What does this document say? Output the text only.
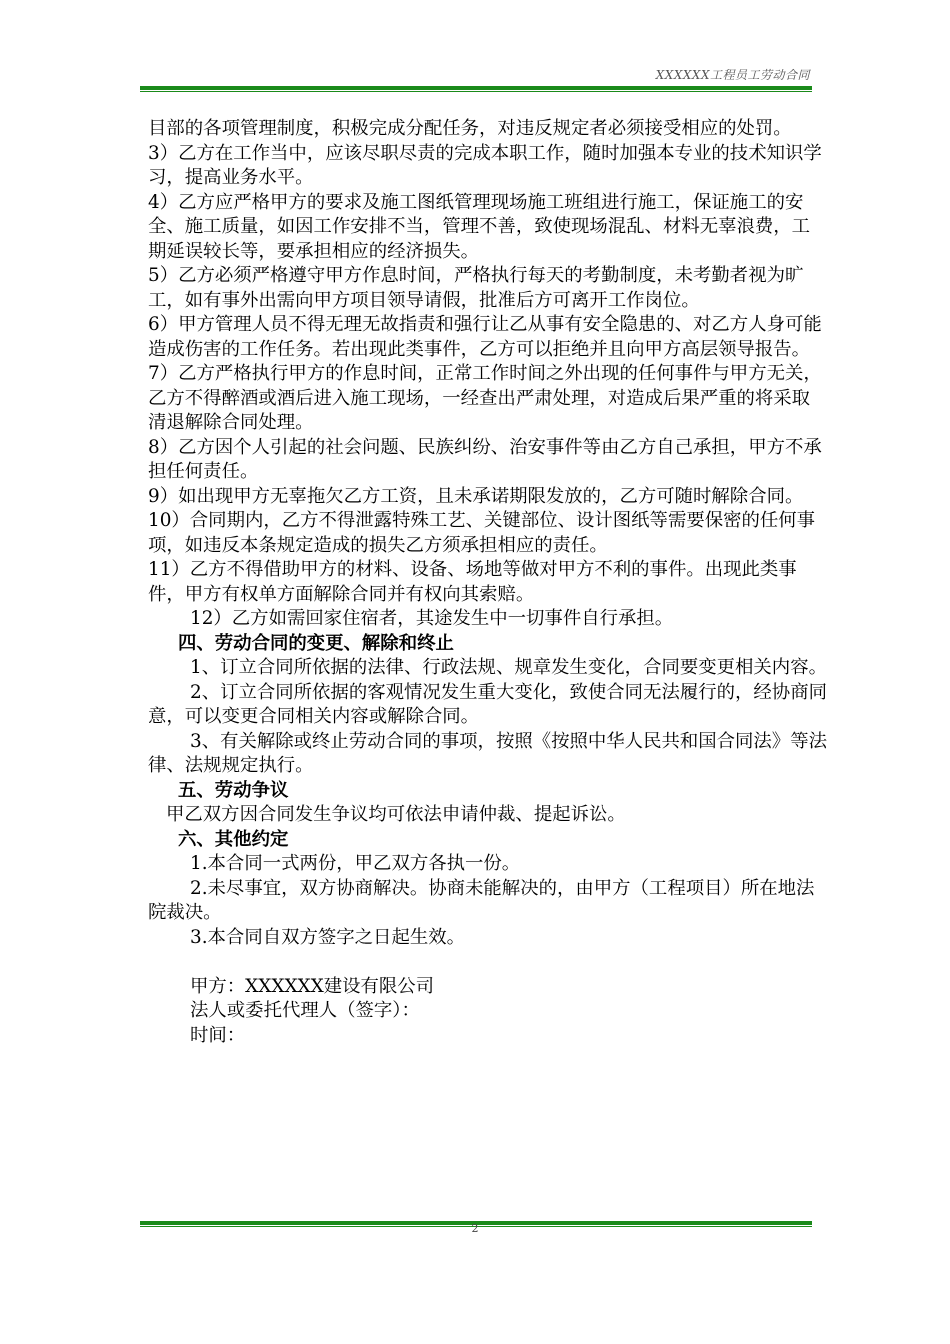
XXXXXX工程员工劳动合同

目部的各项管理制度，积极完成分配任务，对违反规定者必须接受相应的处罚。

3）乙方在工作当中，应该尽职尽责的完成本职工作，随时加强本专业的技术知识学习，提高业务水平。

4）乙方应严格甲方的要求及施工图纸管理现场施工班组进行施工，保证施工的安全、施工质量，如因工作安排不当，管理不善，致使现场混乱、材料无辜浪费，工期延误较长等，要承担相应的经济损失。

5）乙方必须严格遵守甲方作息时间，严格执行每天的考勤制度，未考勤者视为旷工，如有事外出需向甲方项目领导请假，批准后方可离开工作岗位。

6）甲方管理人员不得无理无故指责和强行让乙从事有安全隐患的、对乙方人身可能造成伤害的工作任务。若出现此类事件，乙方可以拒绝并且向甲方高层领导报告。

7）乙方严格执行甲方的作息时间，正常工作时间之外出现的任何事件与甲方无关，乙方不得醉酒或酒后进入施工现场，一经查出严肃处理，对造成后果严重的将采取清退解除合同处理。

8）乙方因个人引起的社会问题、民族纠纷、治安事件等由乙方自己承担，甲方不承担任何责任。

9）如出现甲方无辜拖欠乙方工资，且未承诺期限发放的，乙方可随时解除合同。

10）合同期内，乙方不得泄露特殊工艺、关键部位、设计图纸等需要保密的任何事项，如违反本条规定造成的损失乙方须承担相应的责任。

11）乙方不得借助甲方的材料、设备、场地等做对甲方不利的事件。出现此类事件，甲方有权单方面解除合同并有权向其索赔。

12）乙方如需回家住宿者，其途发生中一切事件自行承担。

四、劳动合同的变更、解除和终止

1、订立合同所依据的法律、行政法规、规章发生变化，合同要变更相关内容。

2、订立合同所依据的客观情况发生重大变化，致使合同无法履行的，经协商同意，可以变更合同相关内容或解除合同。

3、有关解除或终止劳动合同的事项，按照《按照中华人民共和国合同法》等法律、法规规定执行。

五、劳动争议

甲乙双方因合同发生争议均可依法申请仲裁、提起诉讼。

六、其他约定

1.本合同一式两份，甲乙双方各执一份。

2.未尽事宜，双方协商解决。协商未能解决的，由甲方（工程项目）所在地法院裁决。

3.本合同自双方签字之日起生效。

甲方：XXXXXX建设有限公司

法人或委托代理人（签字）：

时间：

2
